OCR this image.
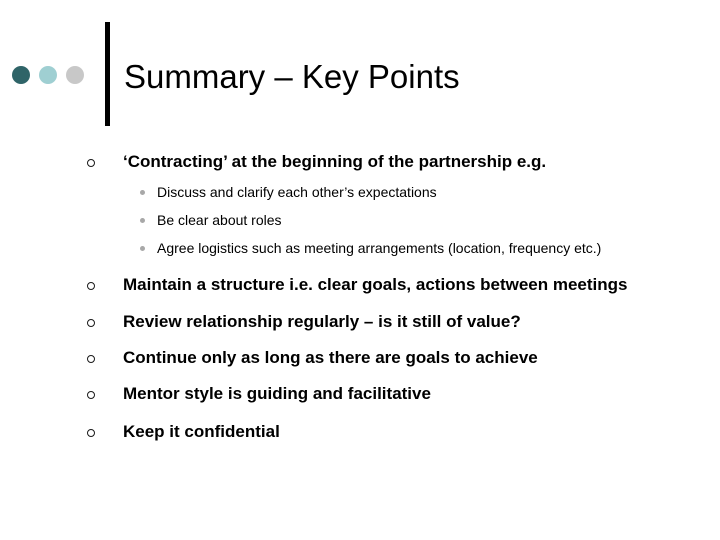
Summary – Key Points
‘Contracting’ at the beginning of the partnership e.g.
Discuss and clarify each other’s expectations
Be clear about roles
Agree logistics such as meeting arrangements (location, frequency etc.)
Maintain a structure i.e. clear goals, actions between meetings
Review relationship regularly – is it still of value?
Continue only as long as there are goals to achieve
Mentor style is guiding and facilitative
Keep it confidential
